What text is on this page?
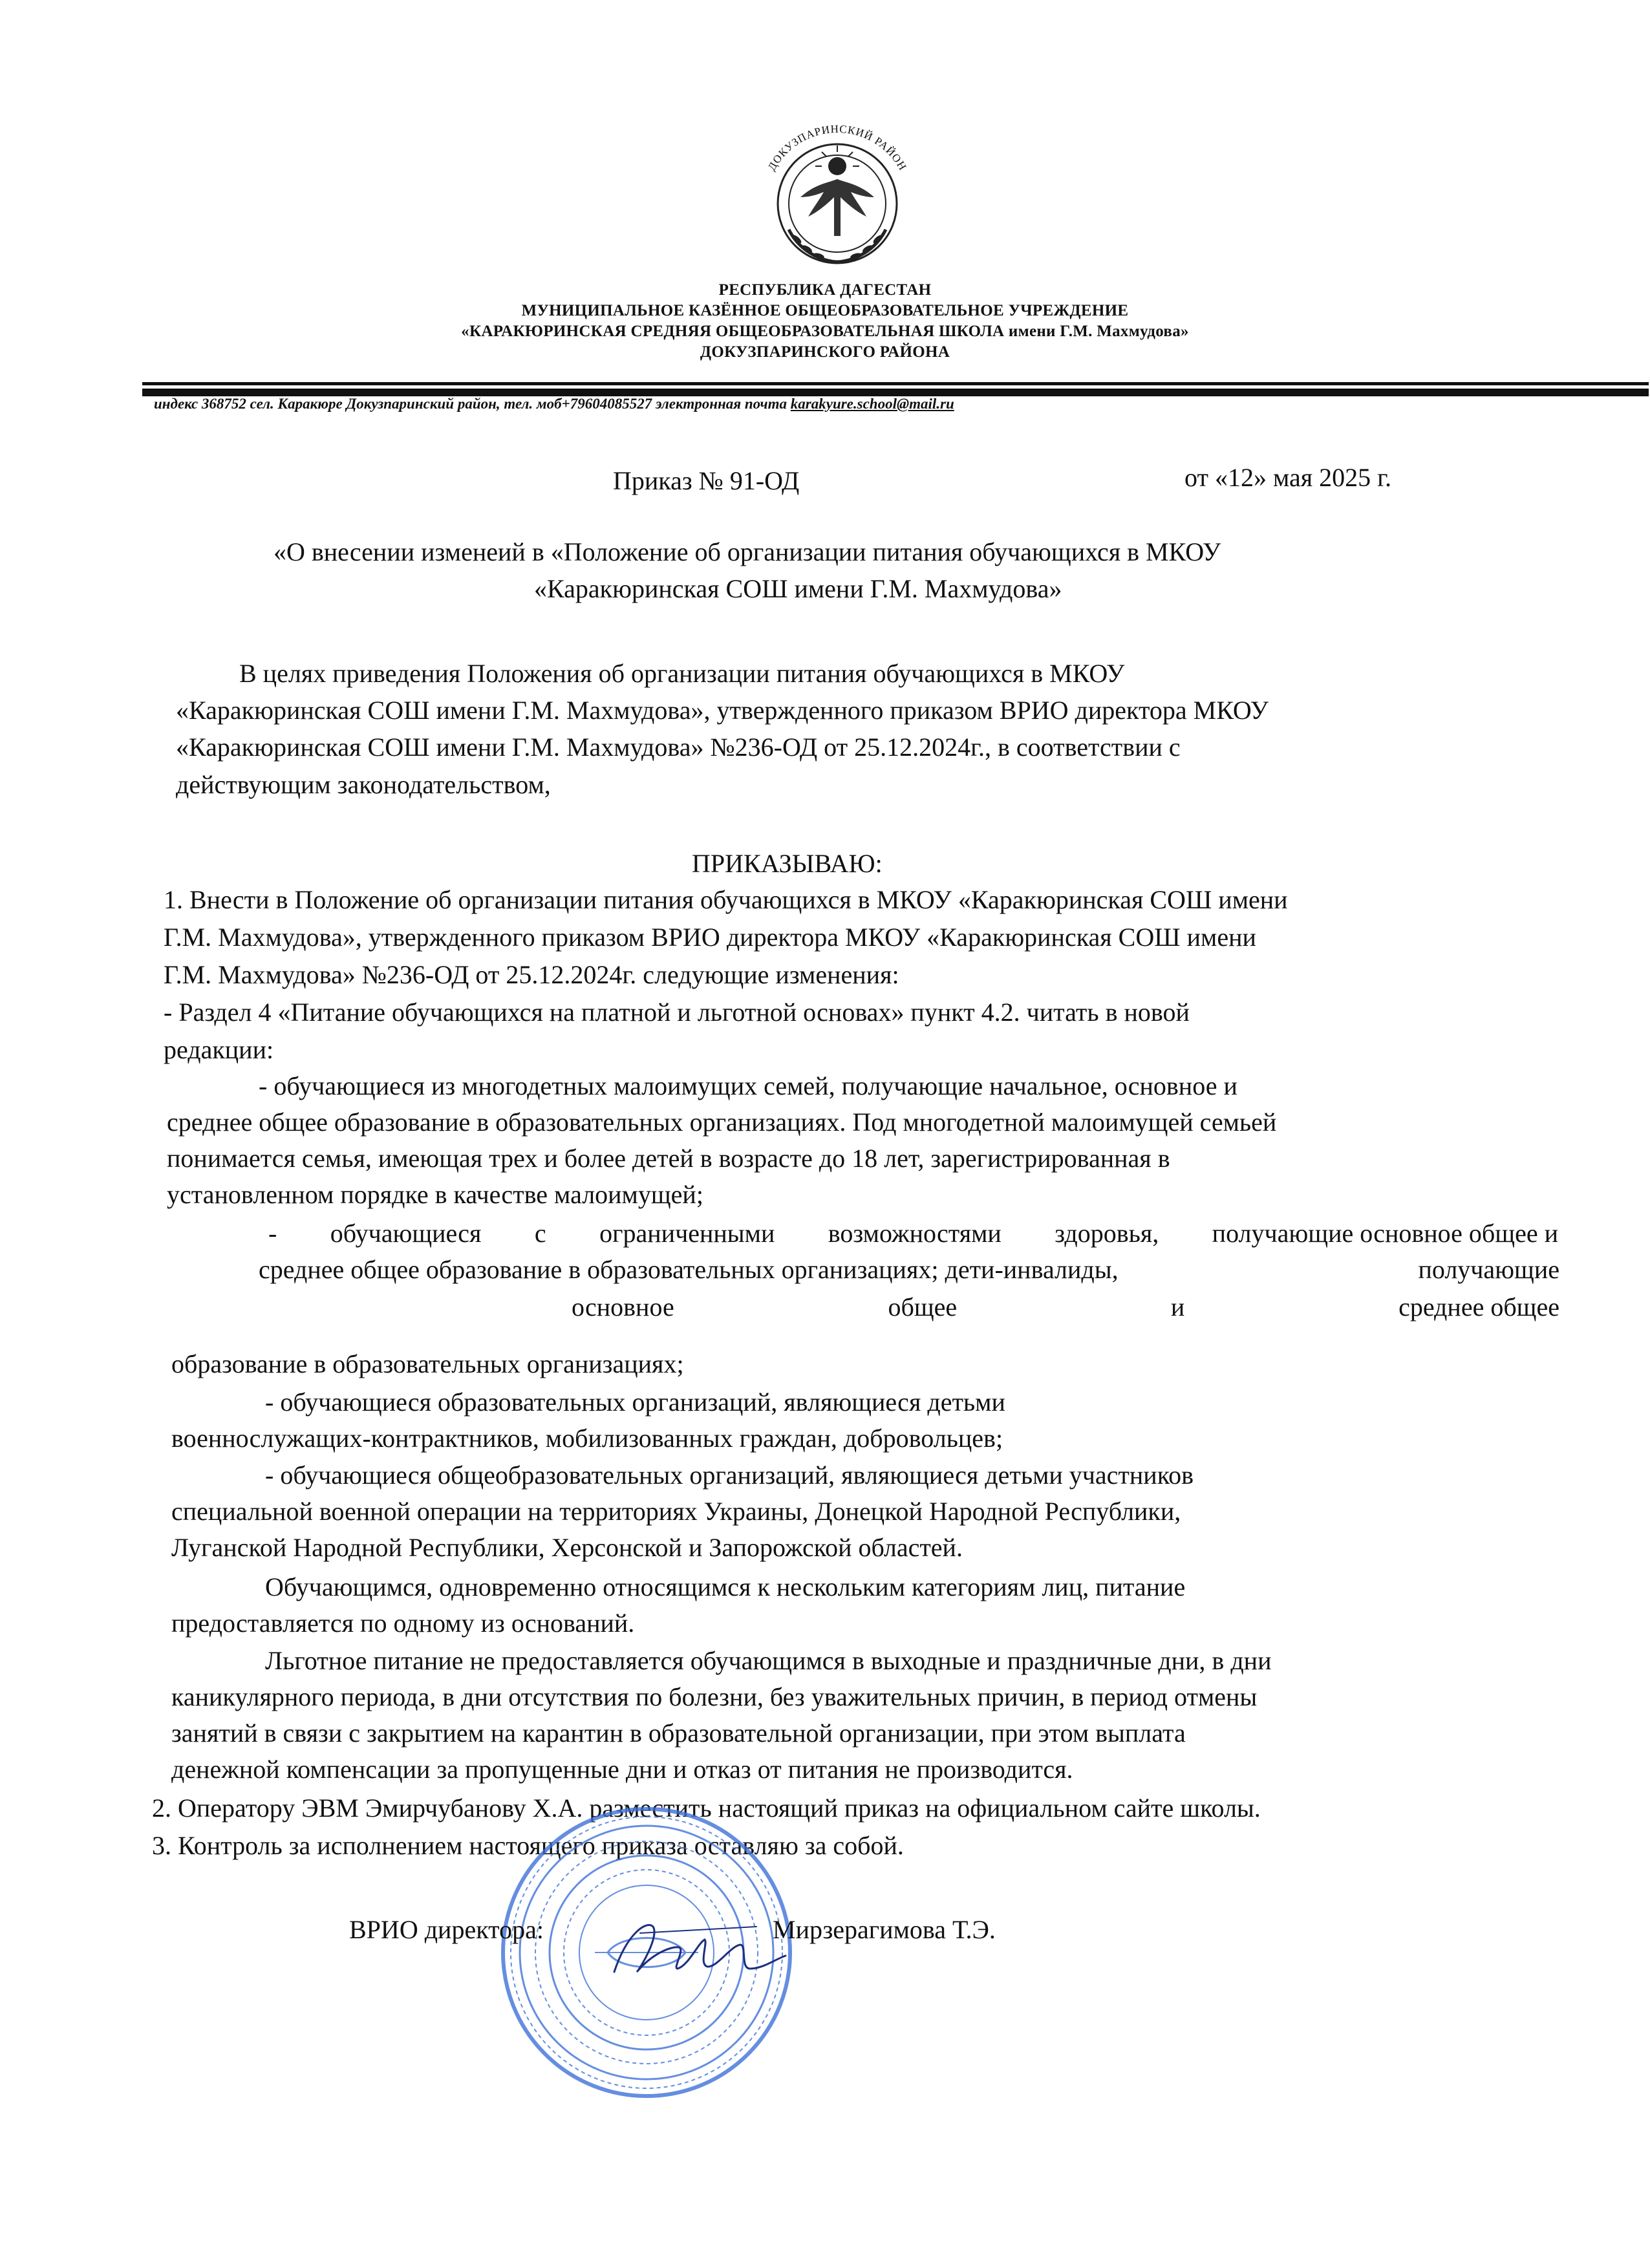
ДОКУЗПАРИНСКИЙ РАЙОН
РЕСПУБЛИКА ДАГЕСТАН
МУНИЦИПАЛЬНОЕ КАЗЁННОЕ ОБЩЕОБРАЗОВАТЕЛЬНОЕ УЧРЕЖДЕНИЕ
«КАРАКЮРИНСКАЯ СРЕДНЯЯ ОБЩЕОБРАЗОВАТЕЛЬНАЯ ШКОЛА имени Г.М. Махмудова»
ДОКУЗПАРИНСКОГО РАЙОНА
индекс 368752 сел. Каракюре Докузпаринский район, тел. моб+79604085527 электронная почта karakyure.school@mail.ru
Приказ № 91-ОД	от «12» мая 2025 г.
«О внесении изменеий в «Положение об организации питания обучающихся в МКОУ
«Каракюринская СОШ имени Г.М. Махмудова»
В целях приведения Положения об организации питания обучающихся в МКОУ
«Каракюринская СОШ имени Г.М. Махмудова», утвержденного приказом ВРИО директора МКОУ
«Каракюринская СОШ имени Г.М. Махмудова» №236-ОД от 25.12.2024г., в соответствии с
действующим законодательством,
ПРИКАЗЫВАЮ:
1. Внести в Положение об организации питания обучающихся в МКОУ «Каракюринская СОШ имени
Г.М. Махмудова», утвержденного приказом ВРИО директора МКОУ «Каракюринская СОШ имени
Г.М. Махмудова» №236-ОД от 25.12.2024г. следующие изменения:
- Раздел 4 «Питание обучающихся на платной и льготной основах» пункт 4.2. читать в новой
редакции:
- обучающиеся из многодетных малоимущих семей, получающие начальное, основное и
среднее общее образование в образовательных организациях. Под многодетной малоимущей семьей
понимается семья, имеющая трех и более детей в возрасте до 18 лет, зарегистрированная в
установленном порядке в качестве малоимущей;
- обучающиеся с ограниченными возможностями здоровья, получающие основное общее и
среднее общее образование в образовательных организациях; дети-инвалиды,	получающие
основное	общее	и	среднее общее
образование в образовательных организациях;
- обучающиеся образовательных организаций, являющиеся детьми
военнослужащих-контрактников, мобилизованных граждан, добровольцев;
- обучающиеся общеобразовательных организаций, являющиеся детьми участников
специальной военной операции на территориях Украины, Донецкой Народной Республики,
Луганской Народной Республики, Херсонской и Запорожской областей.
Обучающимся, одновременно относящимся к нескольким категориям лиц, питание
предоставляется по одному из оснований.
Льготное питание не предоставляется обучающимся в выходные и праздничные дни, в дни
каникулярного периода, в дни отсутствия по болезни, без уважительных причин, в период отмены
занятий в связи с закрытием на карантин в образовательной организации, при этом выплата
денежной компенсации за пропущенные дни и отказ от питания не производится.
2. Оператору ЭВМ Эмирчубанову Х.А. разместить настоящий приказ на официальном сайте школы.
3. Контроль за исполнением настоящего приказа оставляю за собой.
ВРИО директора:	Мирзерагимова Т.Э.
